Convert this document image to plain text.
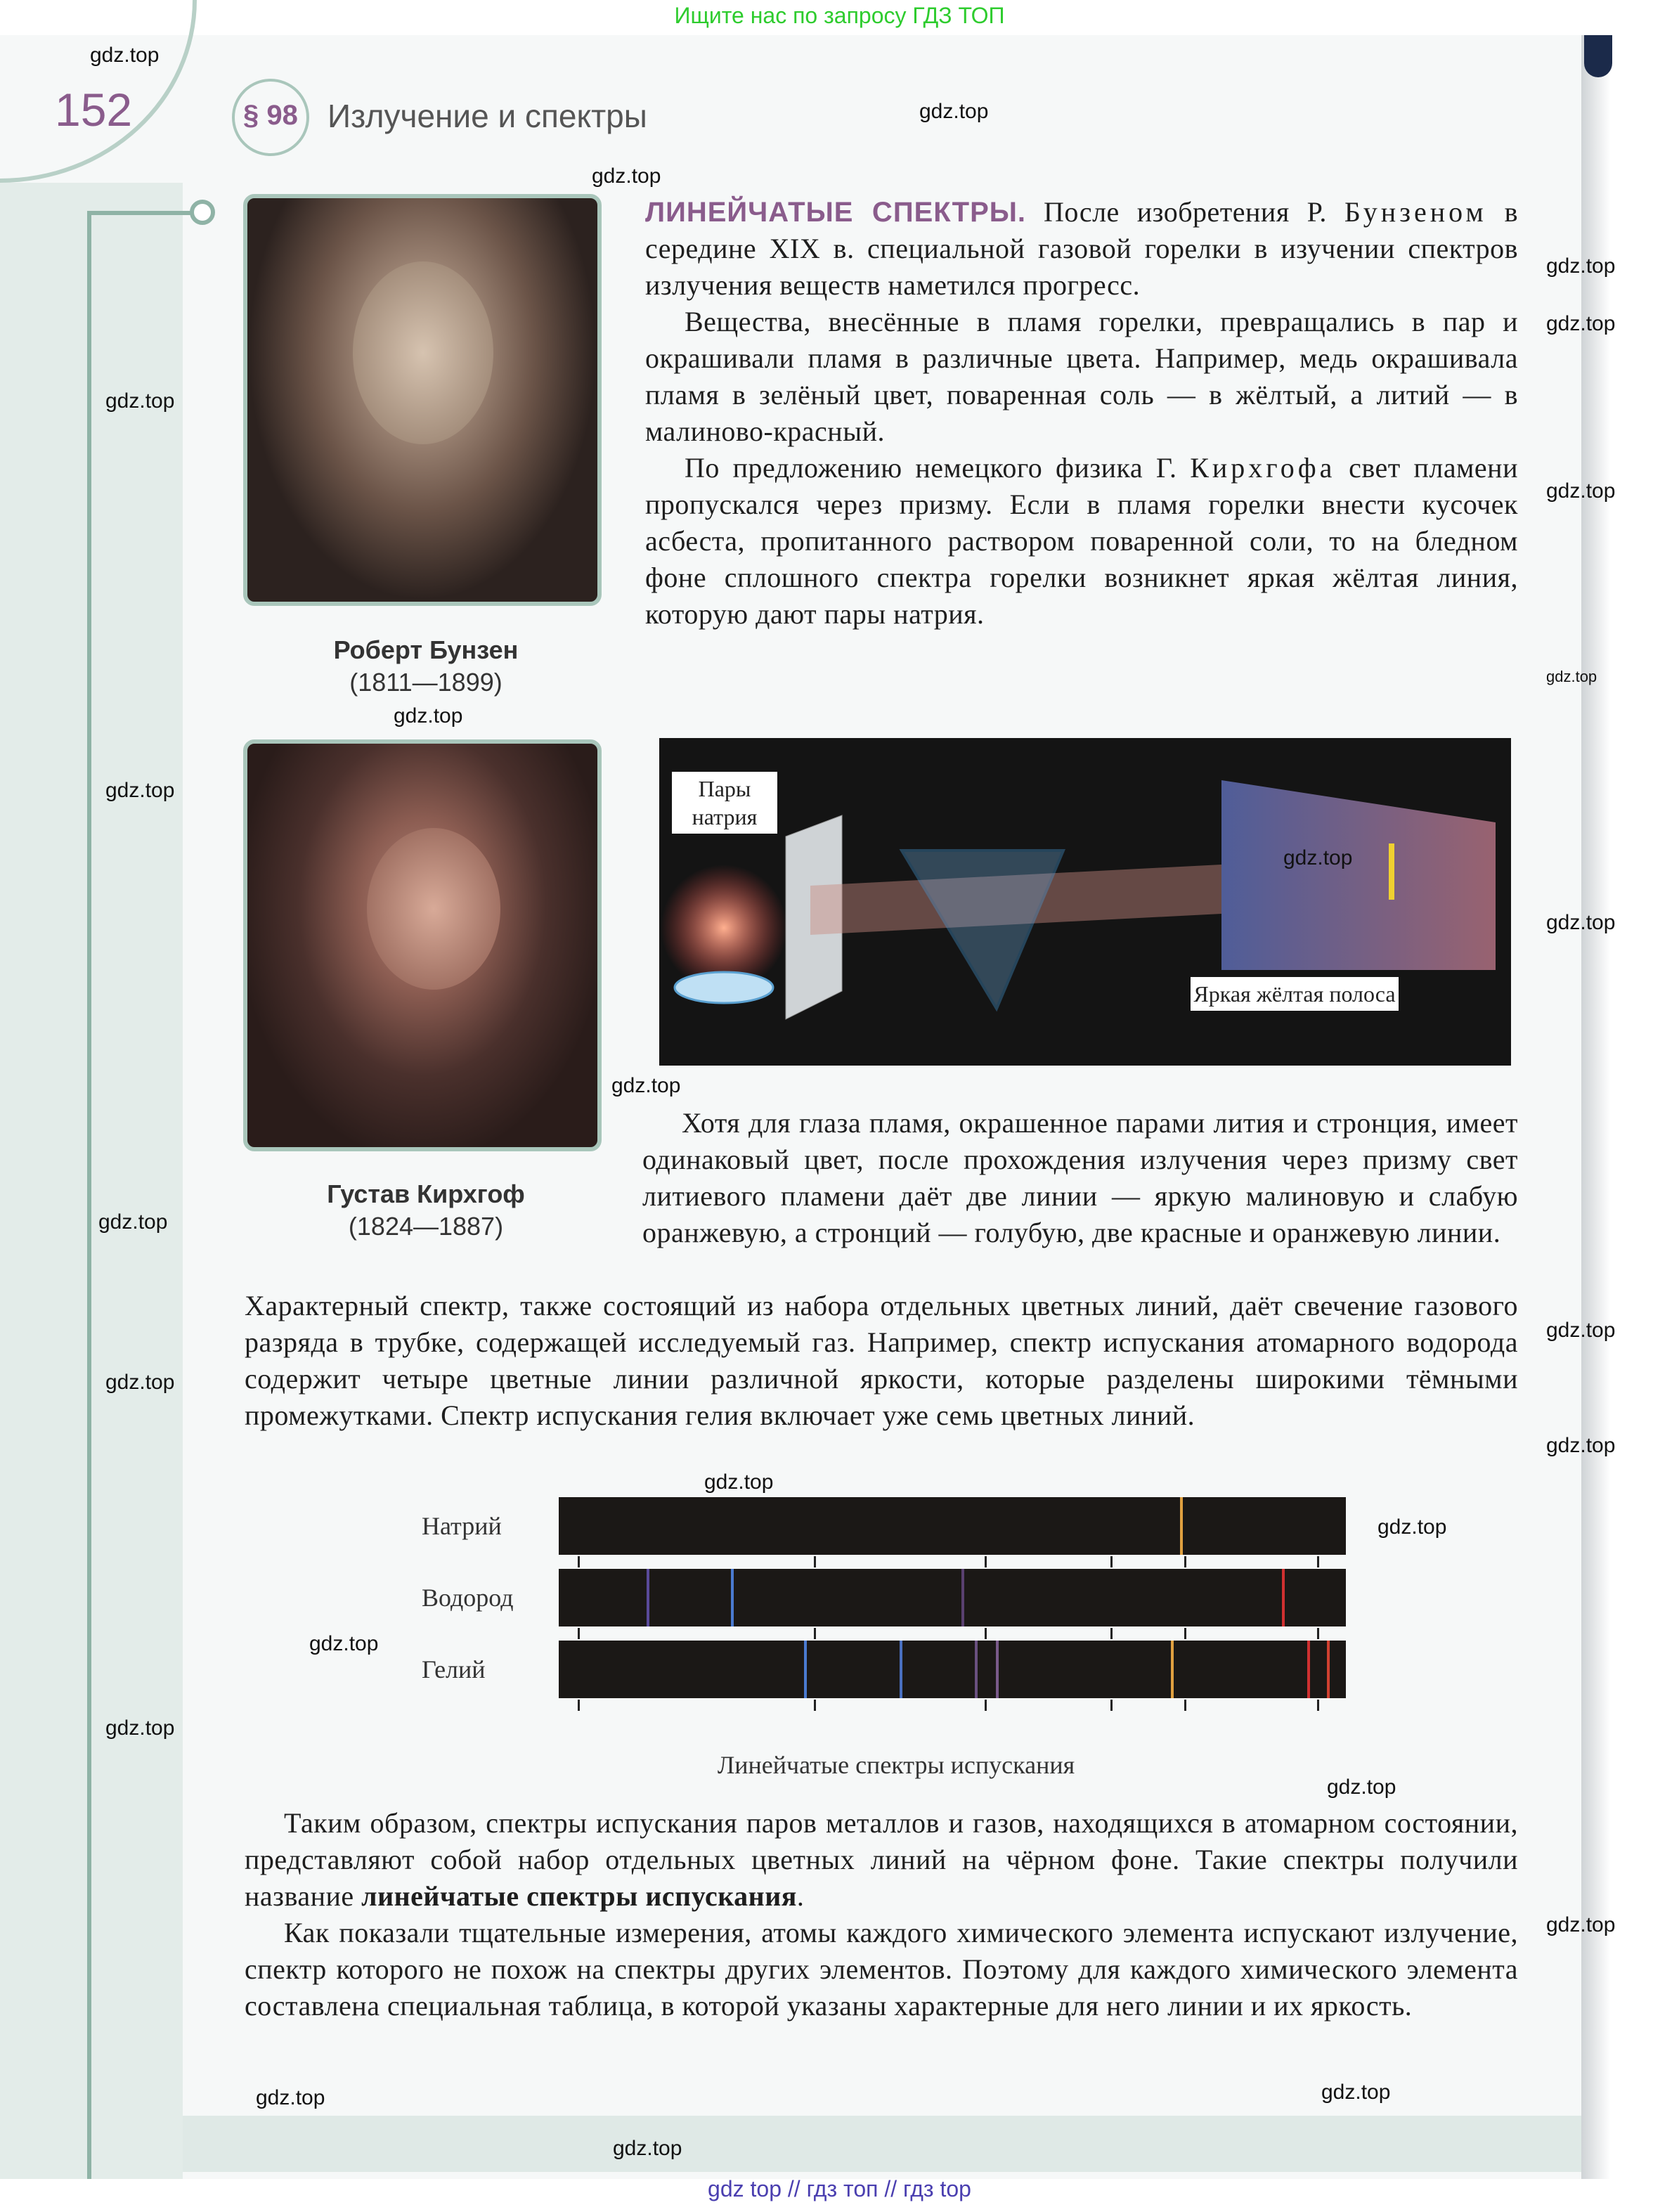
Ищите нас по запросу ГДЗ ТОП
152	§ 98 Излучение и спектры
Роберт Бунзен
(1811—1899)
Густав Кирхгоф
(1824—1887)

ЛИНЕЙЧАТЫЕ СПЕКТРЫ. После изобретения Р. Бунзеном в середине XIX в. специальной газовой горелки в изучении спектров излучения веществ наметился прогресс.

Вещества, внесённые в пламя горелки, превращались в пар и окрашивали пламя в различные цвета. Например, медь окрашивала пламя в зелёный цвет, поваренная соль — в жёлтый, а литий — в малиново-красный.

По предложению немецкого физика Г. Кирхгофа свет пламени пропускался через призму. Если в пламя горелки внести кусочек асбеста, пропитанного раствором поваренной соли, то на бледном фоне сплошного спектра горелки возникнет яркая жёлтая линия, которую дают пары натрия.

Пары натрия
Яркая жёлтая полоса

Хотя для глаза пламя, окрашенное парами лития и стронция, имеет одинаковый цвет, после прохождения излучения через призму свет литиевого пламени даёт две линии — яркую малиновую и слабую оранжевую, а стронций — голубую, две красные и оранжевую линии.

Характерный спектр, также состоящий из набора отдельных цветных линий, даёт свечение газового разряда в трубке, содержащей исследуемый газ. Например, спектр испускания атомарного водорода содержит четыре цветные линии различной яркости, которые разделены широкими тёмными промежутками. Спектр испускания гелия включает уже семь цветных линий.

Натрий
Водород
Гелий
Линейчатые спектры испускания

Таким образом, спектры испускания паров металлов и газов, находящихся в атомарном состоянии, представляют собой набор отдельных цветных линий на чёрном фоне. Такие спектры получили название линейчатые спектры испускания.

Как показали тщательные измерения, атомы каждого химического элемента испускают излучение, спектр которого не похож на спектры других элементов. Поэтому для каждого химического элемента составлена специальная таблица, в которой указаны характерные для него линии и их яркость.

gdz.top
gdz.top
gdz.top
gdz.top
gdz.top
gdz.top
gdz.top
gdz.top
gdz.top
gdz.top
gdz.top
gdz.top
gdz.top
gdz.top
gdz.top
gdz.top
gdz.top
gdz.top
gdz.top
gdz.top
gdz.top
gdz.top
gdz.top
gdz.top
gdz.top
gdz.top
gdz top // гдз топ // гдз top
